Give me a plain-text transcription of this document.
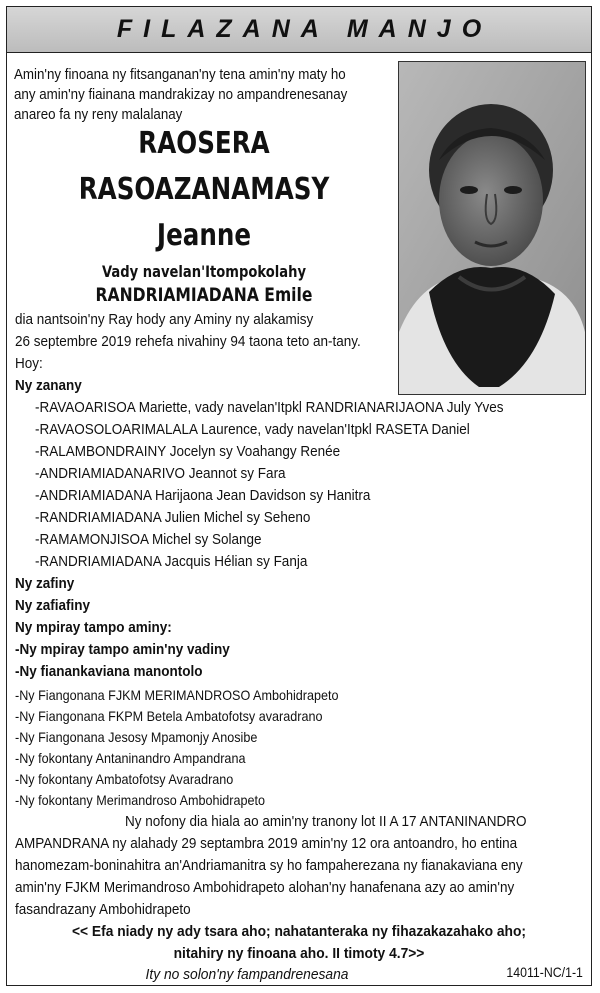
FILAZANA MANJO
Amin'ny finoana ny fitsanganan'ny tena amin'ny maty ho
any amin'ny fiainana mandrakizay no ampandrenesanay
anareo fa ny reny malalanay
RAOSERA
RASOAZANAMASY
Jeanne
Vady navelan'Itompokolahy
RANDRIAMIADANA Emile
dia nantsoin'ny Ray hody any Aminy ny alakamisy
26 septembre 2019 rehefa nivahiny 94 taona teto an-tany.
Hoy:
Ny zanany
-RAVAOARISOA Mariette, vady navelan'Itpkl RANDRIANARIJAONA July Yves
-RAVAOSOLOARIMALALA Laurence, vady navelan'Itpkl RASETA Daniel
-RALAMBONDRAINY Jocelyn sy Voahangy Renée
-ANDRIAMIADANARIVO Jeannot sy Fara
-ANDRIAMIADANA Harijaona Jean Davidson sy Hanitra
-RANDRIAMIADANA Julien Michel sy Seheno
-RAMAMONJISOA Michel sy Solange
-RANDRIAMIADANA Jacquis Hélian sy Fanja
Ny zafiny
Ny zafiafiny
Ny mpiray tampo aminy:
-Ny mpiray tampo amin'ny vadiny
-Ny fianankaviana manontolo
-Ny Fiangonana FJKM MERIMANDROSO Ambohidrapeto
-Ny Fiangonana FKPM Betela Ambatofotsy avaradrano
-Ny Fiangonana Jesosy Mpamonjy Anosibe
-Ny fokontany Antaninandro Ampandrana
-Ny fokontany Ambatofotsy Avaradrano
-Ny fokontany Merimandroso Ambohidrapeto
Ny nofony dia hiala ao amin'ny tranony lot II A 17 ANTANINANDRO
AMPANDRANA ny alahady 29 septambra 2019 amin'ny 12 ora antoandro, ho entina
hanomezam-boninahitra an'Andriamanitra sy ho fampaherezana ny fianakaviana eny
amin'ny FJKM Merimandroso Ambohidrapeto alohan'ny hanafenana azy ao amin'ny
fasandrazany Ambohidrapeto
<< Efa niady ny ady tsara aho; nahatanteraka ny fihazakazahako aho;
nitahiry ny finoana aho. II timoty 4.7>>
Ity no solon'ny fampandrenesana	14011-NC/1-1
